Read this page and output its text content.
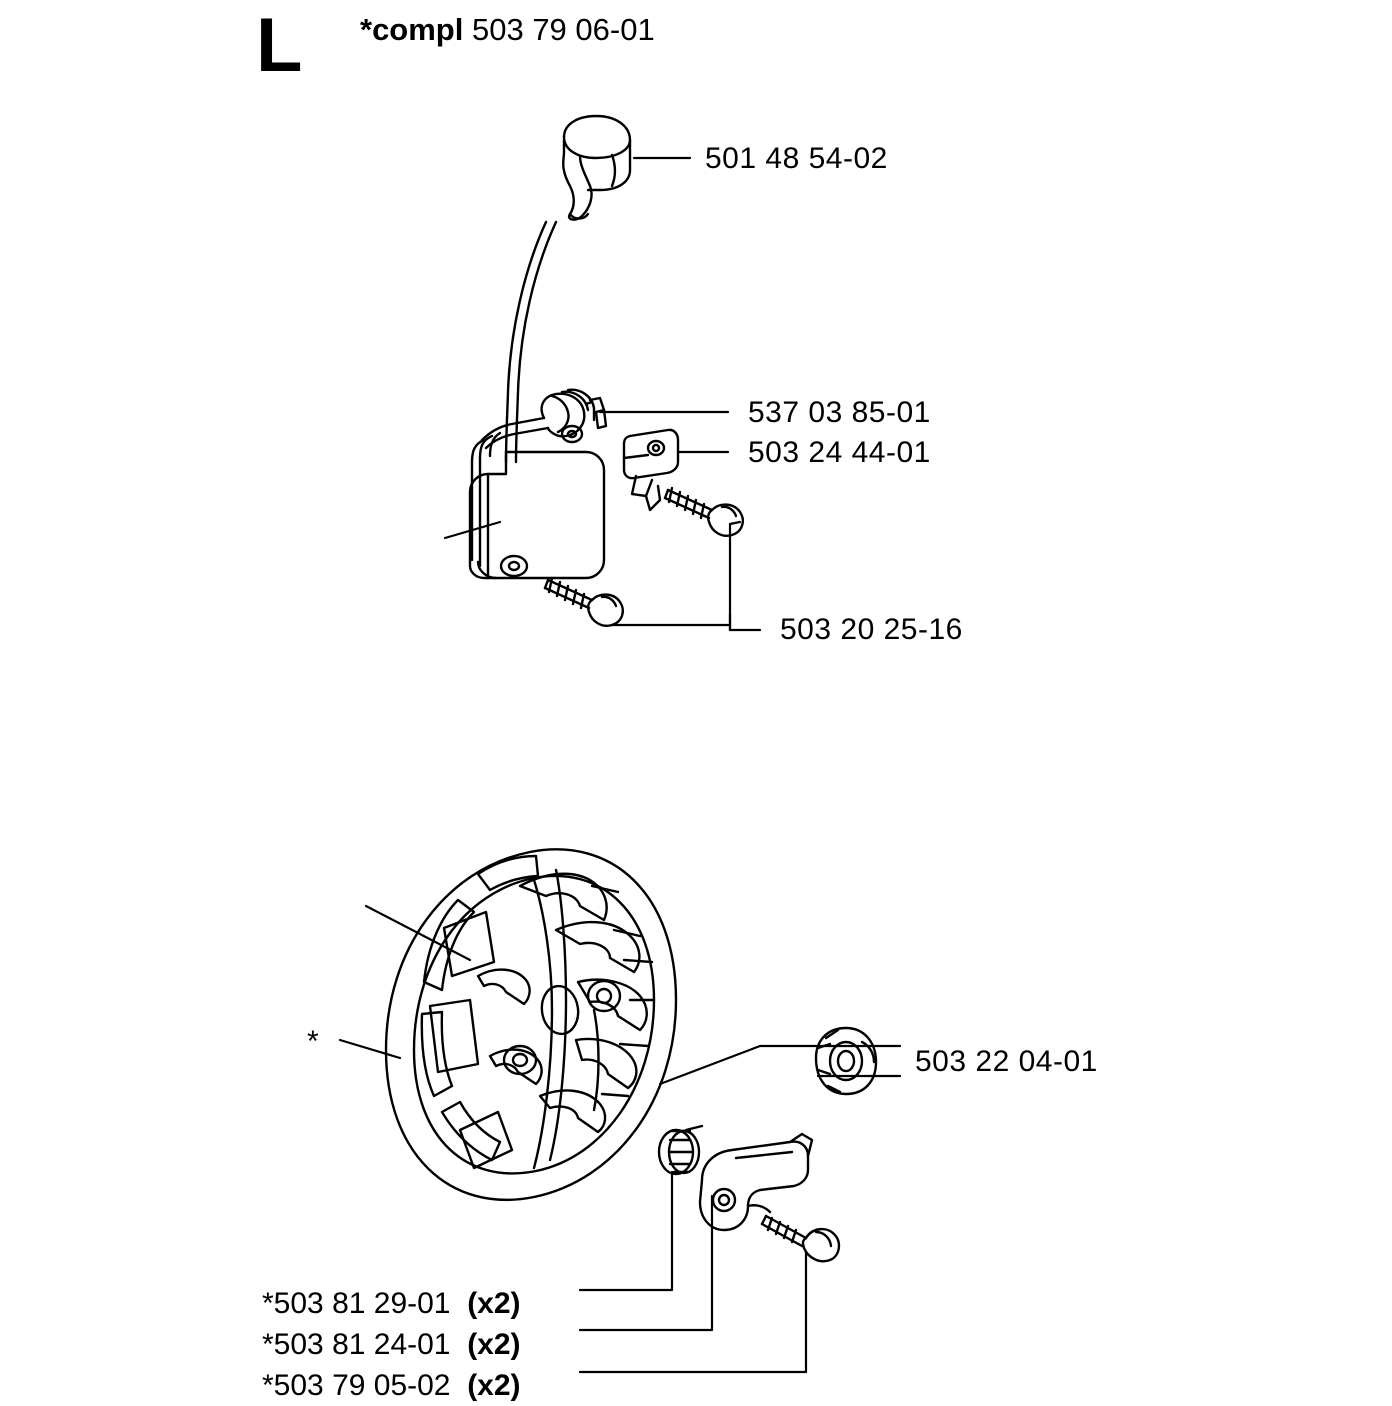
L *compl 503 79 06-01
*
501 48 54-02
537 03 85-01
503 24 44-01
503 20 25-16
503 22 04-01
*503 81 29-01 (x2)
*503 81 24-01 (x2)
*503 79 05-02 (x2)
